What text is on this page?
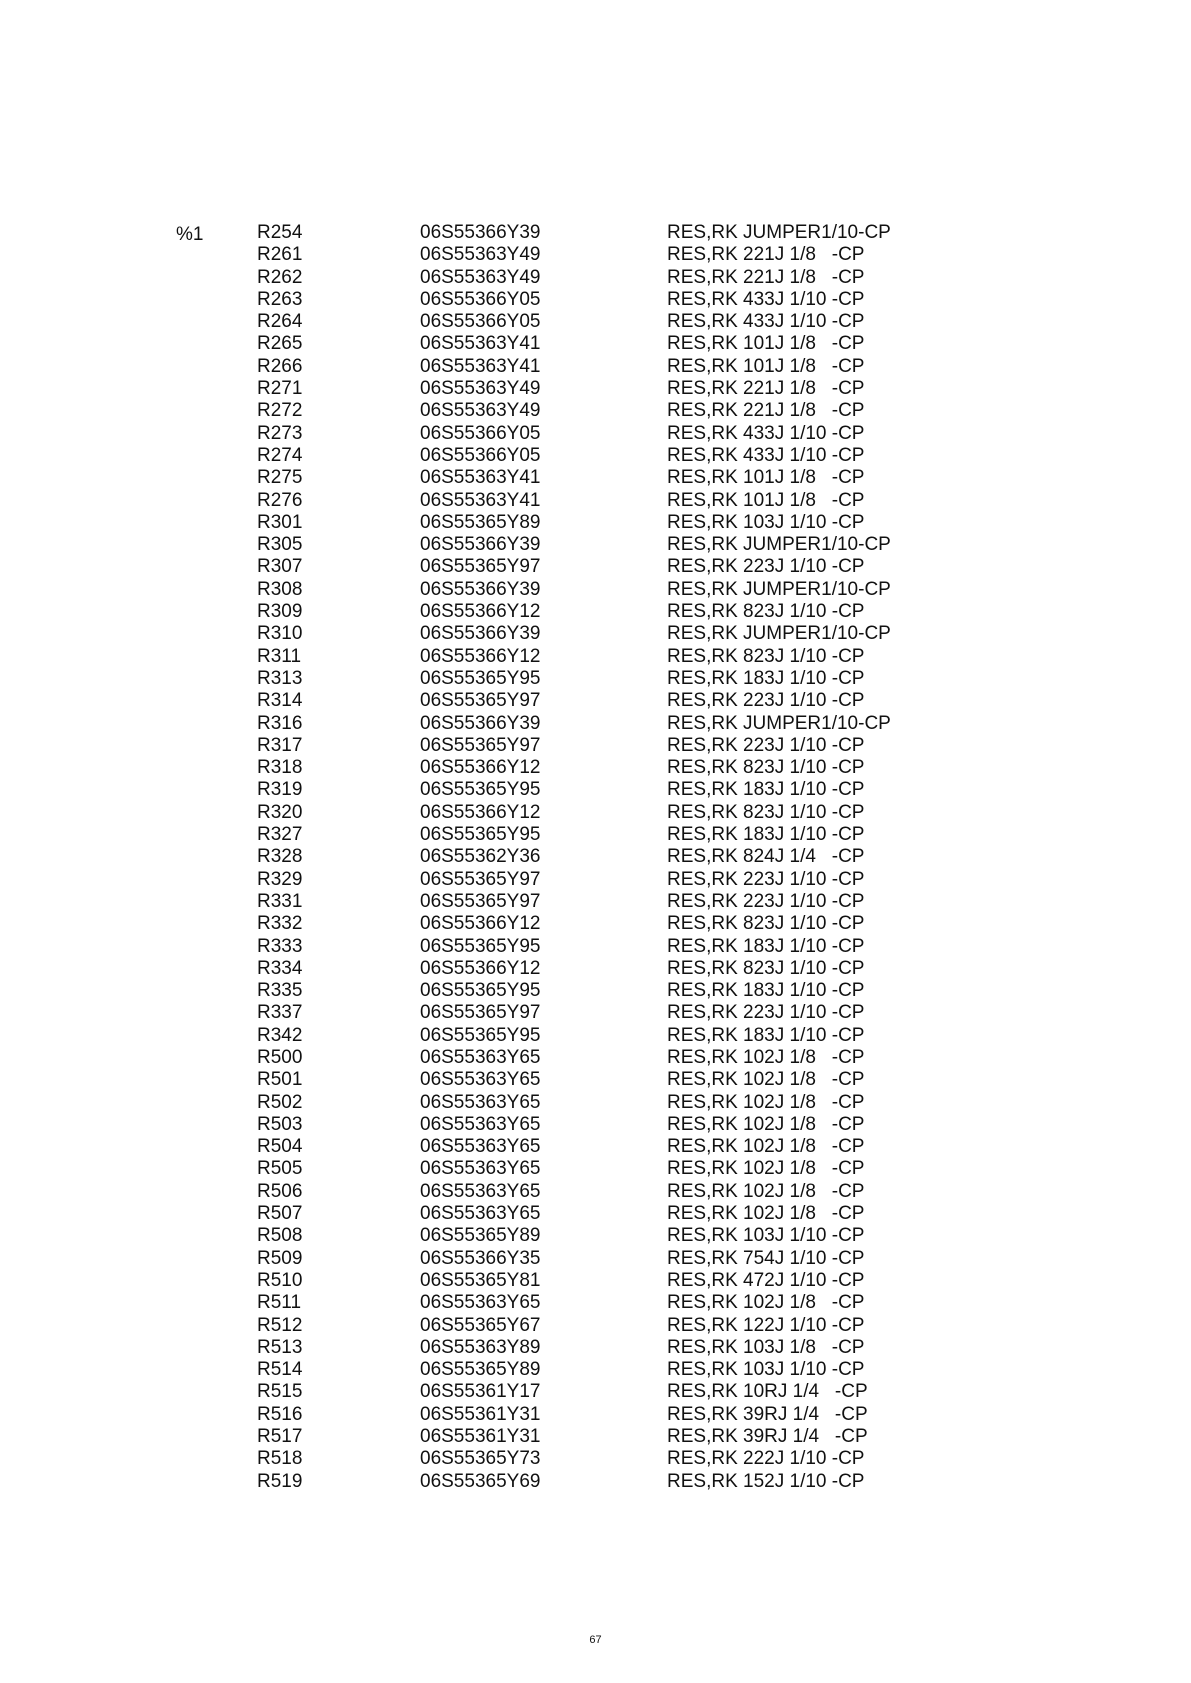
%1	R254	06S55366Y39	RES,RK JUMPER1/10-CP
R261	06S55363Y49	RES,RK 221J 1/8   -CP
R262	06S55363Y49	RES,RK 221J 1/8   -CP
R263	06S55366Y05	RES,RK 433J 1/10 -CP
R264	06S55366Y05	RES,RK 433J 1/10 -CP
R265	06S55363Y41	RES,RK 101J 1/8   -CP
R266	06S55363Y41	RES,RK 101J 1/8   -CP
R271	06S55363Y49	RES,RK 221J 1/8   -CP
R272	06S55363Y49	RES,RK 221J 1/8   -CP
R273	06S55366Y05	RES,RK 433J 1/10 -CP
R274	06S55366Y05	RES,RK 433J 1/10 -CP
R275	06S55363Y41	RES,RK 101J 1/8   -CP
R276	06S55363Y41	RES,RK 101J 1/8   -CP
R301	06S55365Y89	RES,RK 103J 1/10 -CP
R305	06S55366Y39	RES,RK JUMPER1/10-CP
R307	06S55365Y97	RES,RK 223J 1/10 -CP
R308	06S55366Y39	RES,RK JUMPER1/10-CP
R309	06S55366Y12	RES,RK 823J 1/10 -CP
R310	06S55366Y39	RES,RK JUMPER1/10-CP
R311	06S55366Y12	RES,RK 823J 1/10 -CP
R313	06S55365Y95	RES,RK 183J 1/10 -CP
R314	06S55365Y97	RES,RK 223J 1/10 -CP
R316	06S55366Y39	RES,RK JUMPER1/10-CP
R317	06S55365Y97	RES,RK 223J 1/10 -CP
R318	06S55366Y12	RES,RK 823J 1/10 -CP
R319	06S55365Y95	RES,RK 183J 1/10 -CP
R320	06S55366Y12	RES,RK 823J 1/10 -CP
R327	06S55365Y95	RES,RK 183J 1/10 -CP
R328	06S55362Y36	RES,RK 824J 1/4   -CP
R329	06S55365Y97	RES,RK 223J 1/10 -CP
R331	06S55365Y97	RES,RK 223J 1/10 -CP
R332	06S55366Y12	RES,RK 823J 1/10 -CP
R333	06S55365Y95	RES,RK 183J 1/10 -CP
R334	06S55366Y12	RES,RK 823J 1/10 -CP
R335	06S55365Y95	RES,RK 183J 1/10 -CP
R337	06S55365Y97	RES,RK 223J 1/10 -CP
R342	06S55365Y95	RES,RK 183J 1/10 -CP
R500	06S55363Y65	RES,RK 102J 1/8   -CP
R501	06S55363Y65	RES,RK 102J 1/8   -CP
R502	06S55363Y65	RES,RK 102J 1/8   -CP
R503	06S55363Y65	RES,RK 102J 1/8   -CP
R504	06S55363Y65	RES,RK 102J 1/8   -CP
R505	06S55363Y65	RES,RK 102J 1/8   -CP
R506	06S55363Y65	RES,RK 102J 1/8   -CP
R507	06S55363Y65	RES,RK 102J 1/8   -CP
R508	06S55365Y89	RES,RK 103J 1/10 -CP
R509	06S55366Y35	RES,RK 754J 1/10 -CP
R510	06S55365Y81	RES,RK 472J 1/10 -CP
R511	06S55363Y65	RES,RK 102J 1/8   -CP
R512	06S55365Y67	RES,RK 122J 1/10 -CP
R513	06S55363Y89	RES,RK 103J 1/8   -CP
R514	06S55365Y89	RES,RK 103J 1/10 -CP
R515	06S55361Y17	RES,RK 10RJ 1/4   -CP
R516	06S55361Y31	RES,RK 39RJ 1/4   -CP
R517	06S55361Y31	RES,RK 39RJ 1/4   -CP
R518	06S55365Y73	RES,RK 222J 1/10 -CP
R519	06S55365Y69	RES,RK 152J 1/10 -CP
67
